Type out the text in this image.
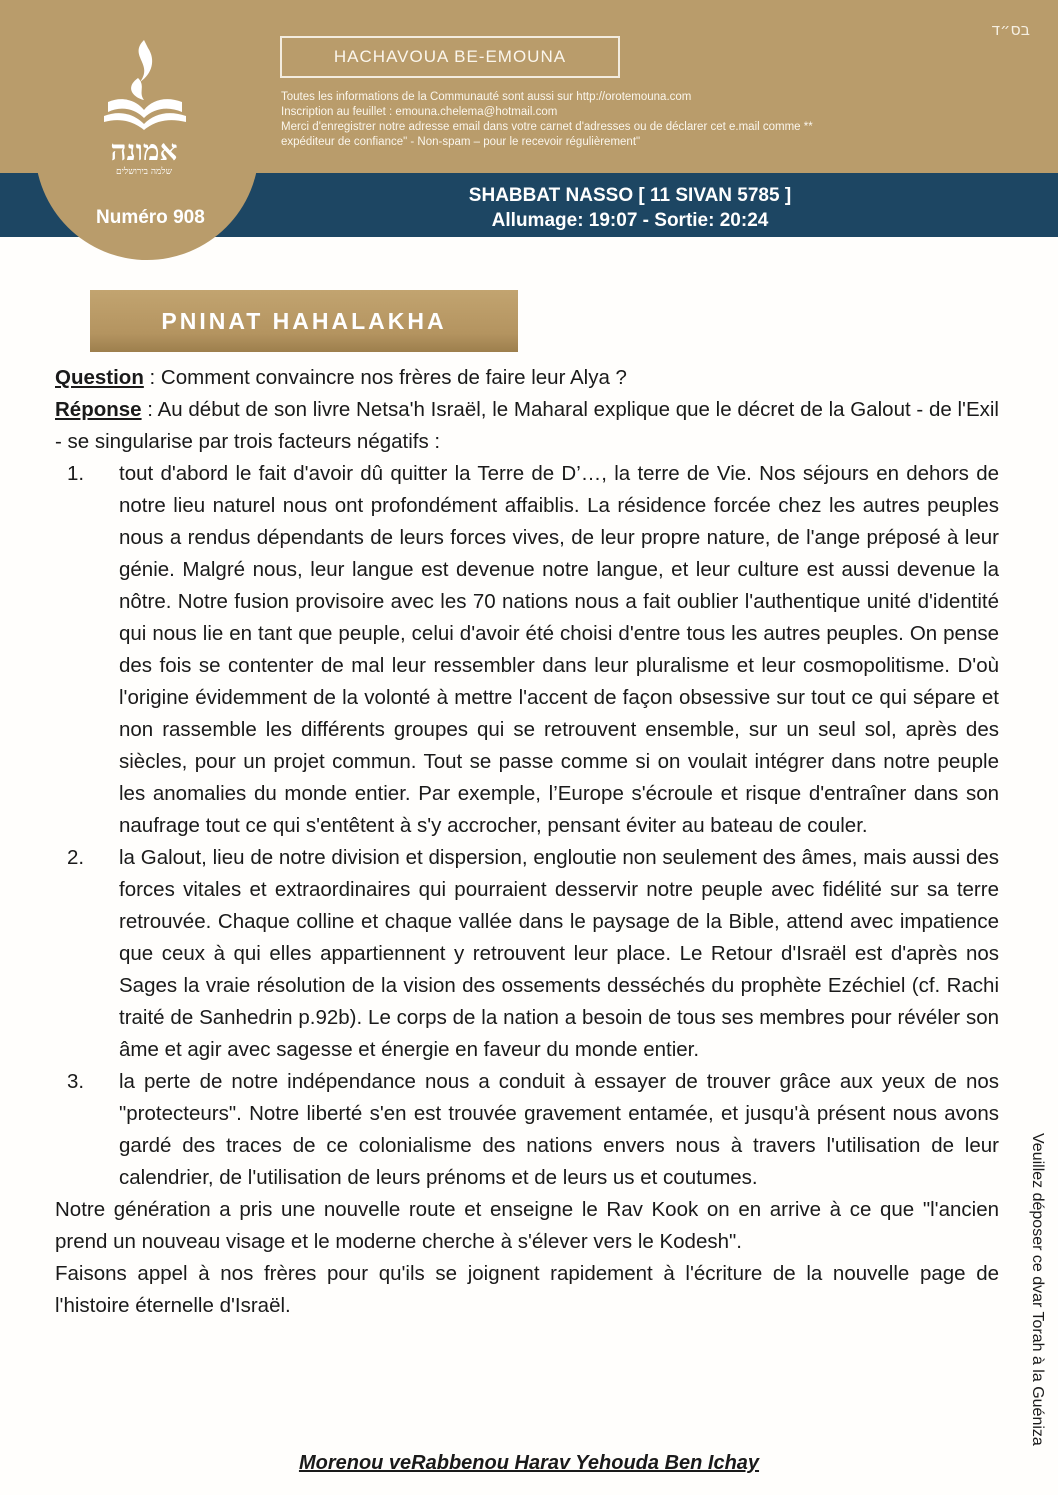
אמונה
שלמה בירושלים
בס״ד
HACHAVOUA BE-EMOUNA
Toutes les informations de la Communauté sont aussi sur http://orotemouna.com
Inscription au feuillet : emouna.chelema@hotmail.com
Merci d'enregistrer notre adresse email dans votre carnet d'adresses ou de déclarer cet e.mail comme **
expéditeur de confiance" - Non-spam – pour le recevoir régulièrement"
Numéro 908
SHABBAT NASSO [ 11 SIVAN 5785 ]
Allumage: 19:07 - Sortie: 20:24
PNINAT HAHALAKHA

Question : Comment convaincre nos frères de faire leur Alya ?

Réponse : Au début de son livre Netsa'h Israël, le Maharal explique que le décret de la Galout - de l'Exil - se singularise par trois facteurs négatifs :

1. tout d'abord le fait d'avoir dû quitter la Terre de D’…, la terre de Vie. Nos séjours en dehors de notre lieu naturel nous ont profondément affaiblis. La résidence forcée chez les autres peuples nous a rendus dépendants de leurs forces vives, de leur propre nature, de l'ange préposé à leur génie. Malgré nous, leur langue est devenue notre langue, et leur culture est aussi devenue la nôtre. Notre fusion provisoire avec les 70 nations nous a fait oublier l'authentique unité d'identité qui nous lie en tant que peuple, celui d'avoir été choisi d'entre tous les autres peuples. On pense des fois se contenter de mal leur ressembler dans leur pluralisme et leur cosmopolitisme. D'où l'origine évidemment de la volonté à mettre l'accent de façon obsessive sur tout ce qui sépare et non rassemble les différents groupes qui se retrouvent ensemble, sur un seul sol, après des siècles, pour un projet commun. Tout se passe comme si on voulait intégrer dans notre peuple les anomalies du monde entier. Par exemple, l’Europe s'écroule et risque d'entraîner dans son naufrage tout ce qui s'entêtent à s'y accrocher, pensant éviter au bateau de couler.
2. la Galout, lieu de notre division et dispersion, engloutie non seulement des âmes, mais aussi des forces vitales et extraordinaires qui pourraient desservir notre peuple avec fidélité sur sa terre retrouvée. Chaque colline et chaque vallée dans le paysage de la Bible, attend avec impatience que ceux à qui elles appartiennent y retrouvent leur place. Le Retour d'Israël est d'après nos Sages la vraie résolution de la vision des ossements desséchés du prophète Ezéchiel (cf. Rachi traité de Sanhedrin p.92b). Le corps de la nation a besoin de tous ses membres pour révéler son âme et agir avec sagesse et énergie en faveur du monde entier.
3. la perte de notre indépendance nous a conduit à essayer de trouver grâce aux yeux de nos "protecteurs". Notre liberté s'en est trouvée gravement entamée, et jusqu'à présent nous avons gardé des traces de ce colonialisme des nations envers nous à travers l'utilisation de leur calendrier, de l'utilisation de leurs prénoms et de leurs us et coutumes.

Notre génération a pris une nouvelle route et enseigne le Rav Kook on en arrive à ce que "l'ancien prend un nouveau visage et le moderne cherche à s'élever vers le Kodesh".

Faisons appel à nos frères pour qu'ils se joignent rapidement à l'écriture de la nouvelle page de l'histoire éternelle d'Israël.

Morenou veRabbenou Harav Yehouda Ben Ichay
Veuillez déposer ce dvar Torah à la Guéniza
